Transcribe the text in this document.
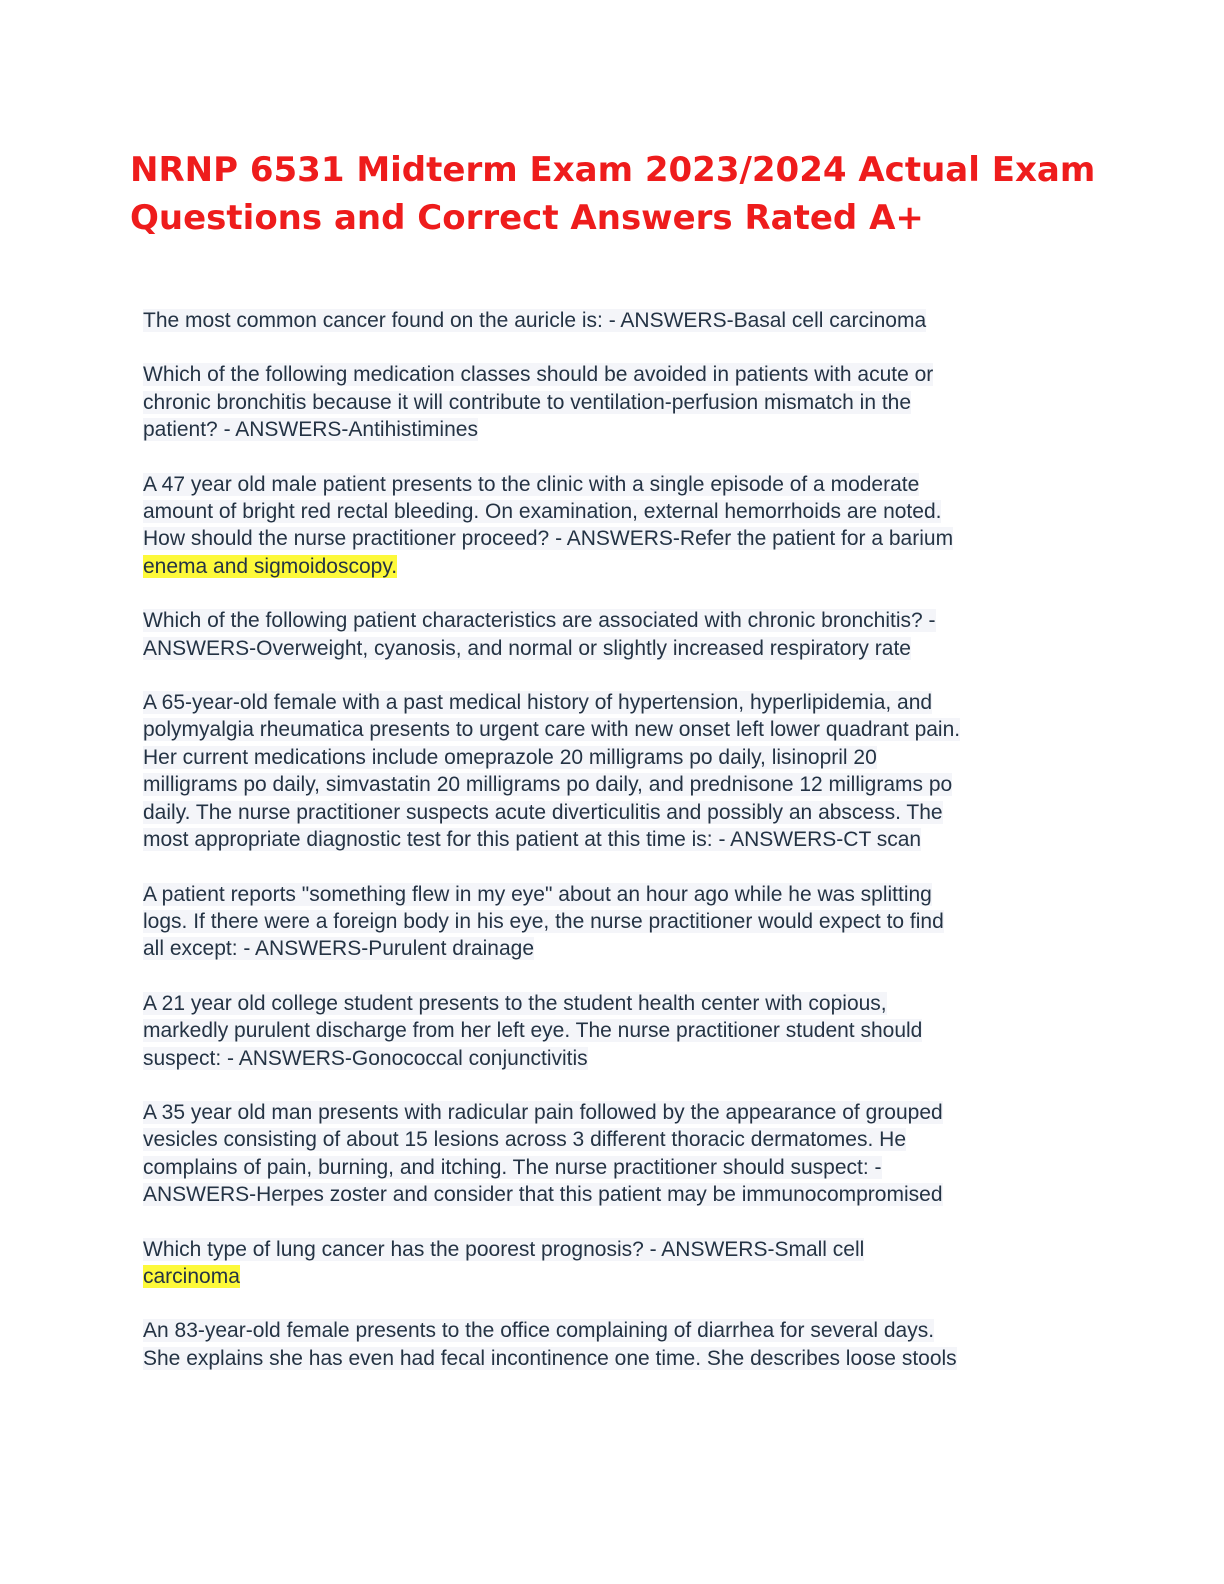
NRNP 6531 Midterm Exam 2023/2024 Actual Exam
Questions and Correct Answers Rated A+

The most common cancer found on the auricle is: - ANSWERS-Basal cell carcinoma

Which of the following medication classes should be avoided in patients with acute or
chronic bronchitis because it will contribute to ventilation-perfusion mismatch in the
patient? - ANSWERS-Antihistimines

A 47 year old male patient presents to the clinic with a single episode of a moderate
amount of bright red rectal bleeding. On examination, external hemorrhoids are noted.
How should the nurse practitioner proceed? - ANSWERS-Refer the patient for a barium
enema and sigmoidoscopy.

Which of the following patient characteristics are associated with chronic bronchitis? -
ANSWERS-Overweight, cyanosis, and normal or slightly increased respiratory rate

A 65-year-old female with a past medical history of hypertension, hyperlipidemia, and
polymyalgia rheumatica presents to urgent care with new onset left lower quadrant pain.
Her current medications include omeprazole 20 milligrams po daily, lisinopril 20
milligrams po daily, simvastatin 20 milligrams po daily, and prednisone 12 milligrams po
daily. The nurse practitioner suspects acute diverticulitis and possibly an abscess. The
most appropriate diagnostic test for this patient at this time is: - ANSWERS-CT scan

A patient reports "something flew in my eye" about an hour ago while he was splitting
logs. If there were a foreign body in his eye, the nurse practitioner would expect to find
all except: - ANSWERS-Purulent drainage

A 21 year old college student presents to the student health center with copious,
markedly purulent discharge from her left eye. The nurse practitioner student should
suspect: - ANSWERS-Gonococcal conjunctivitis

A 35 year old man presents with radicular pain followed by the appearance of grouped
vesicles consisting of about 15 lesions across 3 different thoracic dermatomes. He
complains of pain, burning, and itching. The nurse practitioner should suspect: -
ANSWERS-Herpes zoster and consider that this patient may be immunocompromised

Which type of lung cancer has the poorest prognosis? - ANSWERS-Small cell
carcinoma

An 83-year-old female presents to the office complaining of diarrhea for several days.
She explains she has even had fecal incontinence one time. She describes loose stools
